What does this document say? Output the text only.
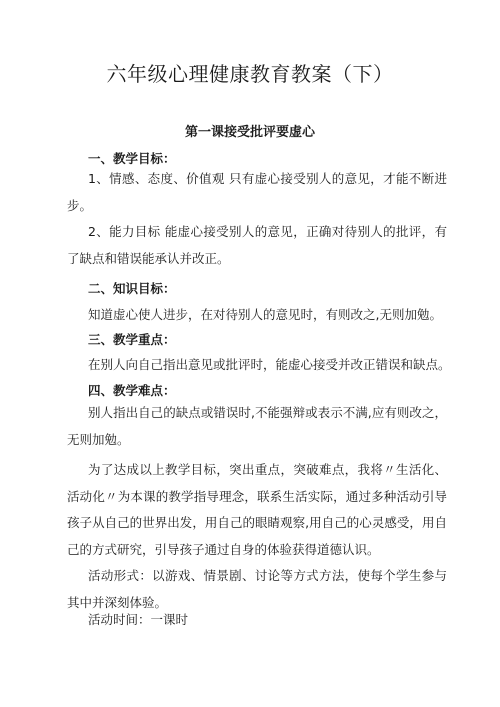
六年级心理健康教育教案（下）
第一课接受批评要虚心
一、教学目标：
1、情感、态度、价值观 只有虚心接受别人的意见，才能不断进步。
2、能力目标 能虚心接受别人的意见，正确对待别人的批评，有了缺点和错误能承认并改正。
二、知识目标：
知道虚心使人进步，在对待别人的意见时，有则改之,无则加勉。
三、教学重点：
在别人向自己指出意见或批评时，能虚心接受并改正错误和缺点。
四、教学难点：
别人指出自己的缺点或错误时,不能强辩或表示不满,应有则改之，无则加勉。
为了达成以上教学目标，突出重点，突破难点，我将〃生活化、活动化〃为本课的教学指导理念，联系生活实际，通过多种活动引导孩子从自己的世界出发，用自己的眼睛观察,用自己的心灵感受，用自己的方式研究，引导孩子通过自身的体验获得道德认识。
活动形式：以游戏、情景剧、讨论等方式方法，使每个学生参与其中并深刻体验。
活动时间：一课时
